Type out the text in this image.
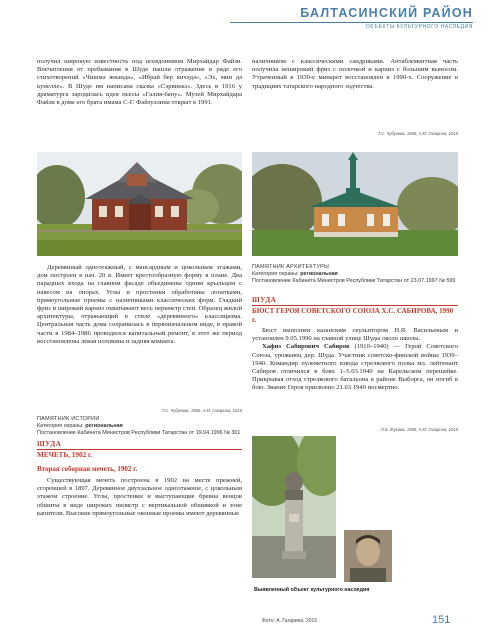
БАЛТАСИНСКИЙ РАЙОН
ОБЪЕКТЫ КУЛЬТУРНОГО НАСЛЕДИЯ

получил широкую известность под псевдонимом Мирхайдар Файзи. Впечатления от пребывания в Шуде нашли отражение в ряде его стихотворений «Чишмә янында», «Ибрай бер кичәдә», «Эх, мин дә кунелле». В Шуде им написана сказка «Сэрвиназ». Здесь в 1916 у драматурга зародилась идея пьесы «Галия-бану». Музей Мирхайдара Файзи в доме его брата имама С-Г. Файзуллина открыт в 1991.

наличником с классическими сандриками. Антаблементная часть получила неширокий фриз с полочкой и карниз с большим выносом. Утраченный в 1930-е минарет восстановлен в 1990-х. Сооружение в традициях татарского народного зодчества.

Т.С. Чубукова, 1988, А.М. Гагарина, 2015

Деревянный одноэтажный, с мансардным и цокольным этажами, дом построен в нач. 20 в. Имеет крестообразную форму в плане. Два парадных входа на главном фасаде объединены одним крыльцом с навесом на опорах. Углы и простенки обработаны лопатками, прямоугольные проемы с наличниками классических форм. Гладкий фриз и широкий карниз охватывают весь периметр стен. Образец жилой архитектуры, отражающий в стиле «деревянного» классицизма. Центральная часть дома сохранилась в первоначальном виде, в правой части в 1984–1986 проводился капитальный ремонт, в этот же период восстановлены левая половина и задняя комната.

Т.С. Чубукова, 1986, А.М. Гагарина, 2015
ПАМЯТНИК ИСТОРИИ
Категория охраны: региональная
Постановление Кабинета Министров Республики Татарстан от 19.04.1996 № 301
ПАМЯТНИК АРХИТЕКТУРЫ
Категория охраны: региональная
Постановление Кабинета Министров Республики Татарстан от 23.07.1997 № 599
ШУДА
МЕЧЕТЬ, 1902 г.
Вторая соборная мечеть, 1902 г.

Существующая мечеть построена в 1902 на месте прежней, сгоревшей в 1897. Деревянное двухзальное одноэтажное, с цокольным этажом строение. Углы, простенки и выступающие бревна венцов обшиты в виде широких пилястр с вертикальной обшивкой и зоне капители. Высокие прямоугольные оконные проемы имеют деревянные

ШУДА
БЮСТ ГЕРОЯ СОВЕТСКОГО СОЮЗА Х.С. САБИРОВА, 1990 г.

Бюст выполнен казанским скульптором Н.Я. Васильевым и установлен 9.05.1990 на главной улице Шуды около школы.

Хафиз Сабирович Сабиров (1910–1940) — Герой Советского Союза, уроженец дер. Шуда. Участник советско-финской войны 1939–1940. Командир пулеметного взвода стрелкового полка мл. лейтенант Сабиров отличился в боях 1–5.03.1940 на Карельском перешейке. Прикрывая отход стрелкового батальона в районе Выборга, он погиб в бою. Звание Героя присвоено 21.03.1940 посмертно.

Л.Б. Жукова, 1988, А.М. Гагарина, 2015
Выявленный объект культурного наследия
Фото: А. Гагарина, 2015	151
